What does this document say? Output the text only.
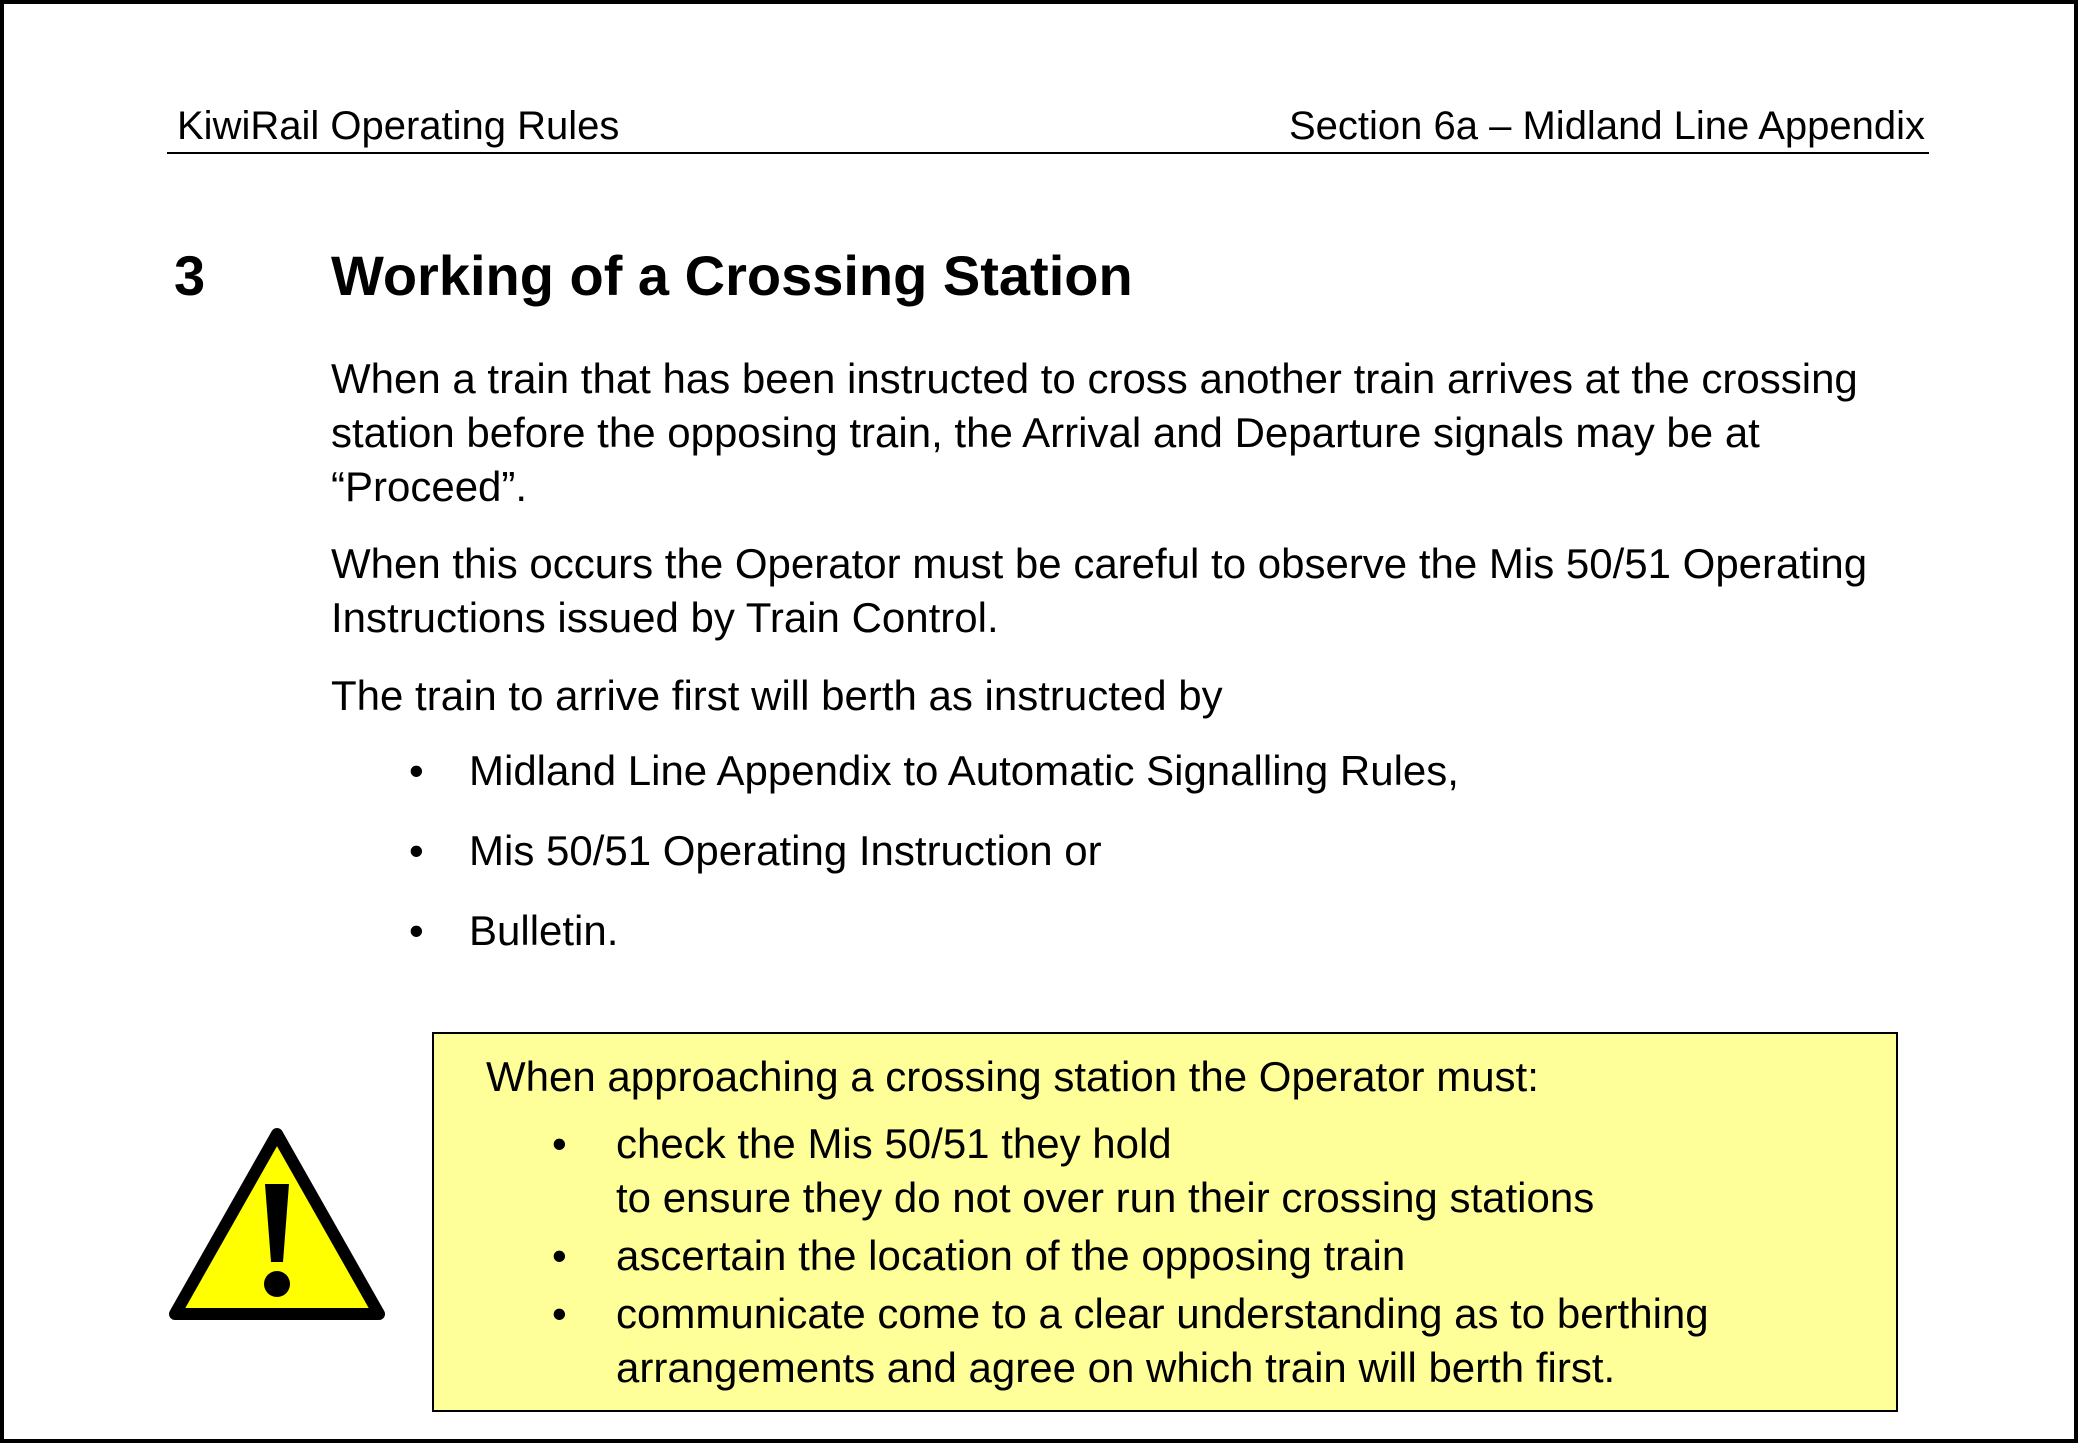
KiwiRail Operating Rules	Section 6a – Midland Line Appendix
3 Working of a Crossing Station

When a train that has been instructed to cross another train arrives at the crossing station before the opposing train, the Arrival and Departure signals may be at “Proceed”.

When this occurs the Operator must be careful to observe the Mis 50/51 Operating Instructions issued by Train Control.

The train to arrive first will berth as instructed by

• Midland Line Appendix to Automatic Signalling Rules,
• Mis 50/51 Operating Instruction or
• Bulletin.

When approaching a crossing station the Operator must:

• check the Mis 50/51 they hold
to ensure they do not over run their crossing stations
• ascertain the location of the opposing train
• communicate come to a clear understanding as to berthing
arrangements and agree on which train will berth first.
